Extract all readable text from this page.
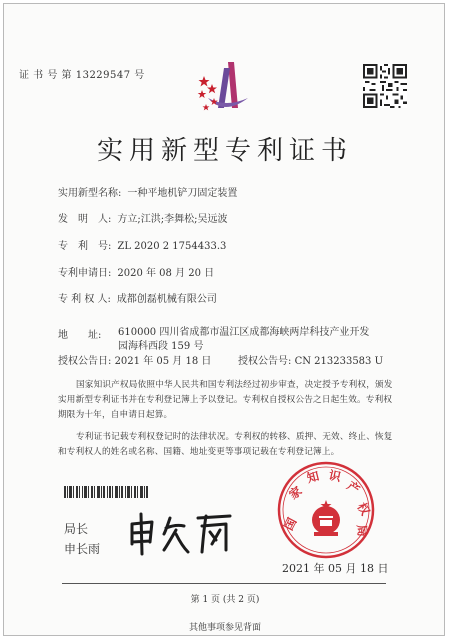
证 书 号 第 13229547 号
实用新型专利证书
实用新型名称: 一种平地机铲刀固定装置
发　明　人: 方立;江洪;李舞松;吴远波
专　利　号: ZL 2020 2 1754433.3
专利申请日: 2020 年 08 月 20 日
专 利 权 人: 成都创磊机械有限公司
地　　址: 610000 四川省成都市温江区成都海峡两岸科技产业开发园海科西段 159 号
授权公告日: 2021 年 05 月 18 日	授权公告号: CN 213233583 U
国家知识产权局依照中华人民共和国专利法经过初步审查，决定授予专利权，颁发实用新型专利证书并在专利登记簿上予以登记。专利权自授权公告之日起生效。专利权期限为十年，自申请日起算。
专利证书记载专利权登记时的法律状况。专利权的转移、质押、无效、终止、恢复和专利权人的姓名或名称、国籍、地址变更等事项记载在专利登记簿上。
局长
申长雨
国
家
知 识
产
权
局
2021 年 05 月 18 日
第 1 页 (共 2 页)
其他事项参见背面
